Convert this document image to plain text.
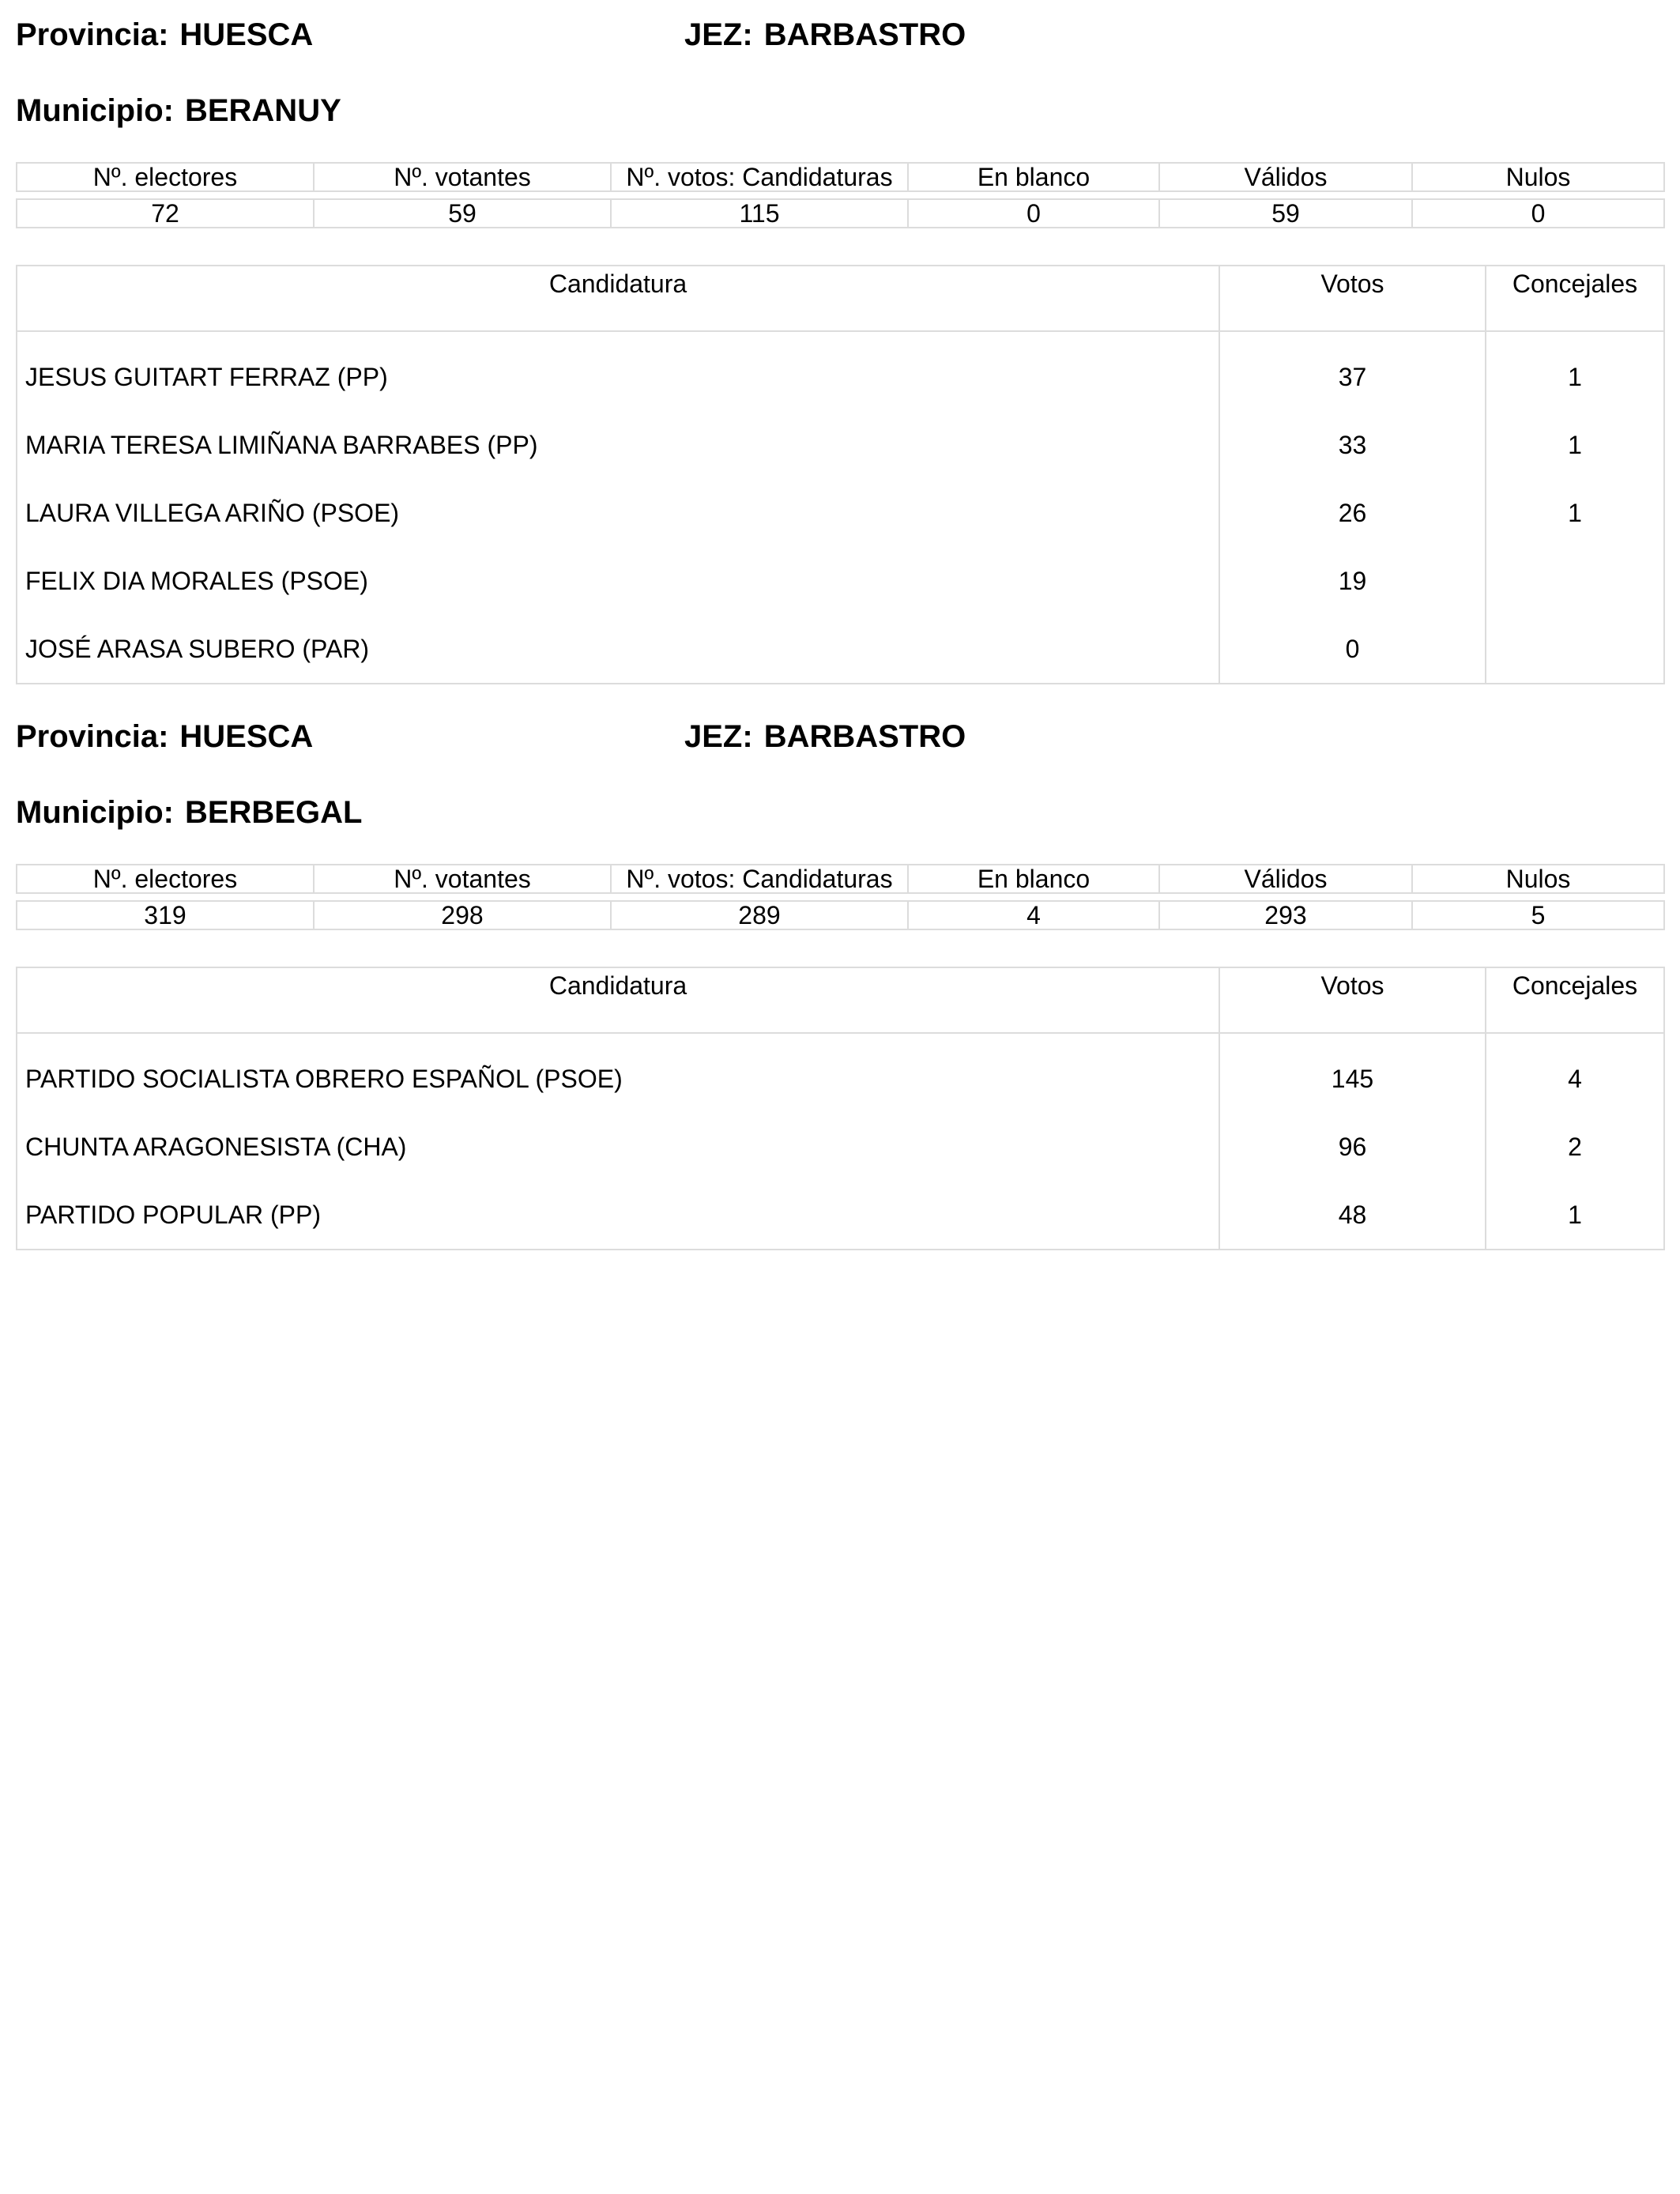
Provincia: HUESCA	JEZ: BARBASTRO
Municipio: BERANUY
Nº. electores	Nº. votantes	Nº. votos: Candidaturas	En blanco	Válidos	Nulos

72	59	115	0	59	0
Candidatura	Votos	Concejales
JESUS GUITART FERRAZ (PP)	37	1
MARIA TERESA LIMIÑANA BARRABES (PP)	33	1
LAURA VILLEGA ARIÑO (PSOE)	26	1
FELIX DIA MORALES (PSOE)	19	
JOSÉ ARASA SUBERO (PAR)	0	
Provincia: HUESCA	JEZ: BARBASTRO
Municipio: BERBEGAL
Nº. electores	Nº. votantes	Nº. votos: Candidaturas	En blanco	Válidos	Nulos

319	298	289	4	293	5
Candidatura	Votos	Concejales
PARTIDO SOCIALISTA OBRERO ESPAÑOL (PSOE)	145	4
CHUNTA ARAGONESISTA (CHA)	96	2
PARTIDO POPULAR (PP)	48	1
